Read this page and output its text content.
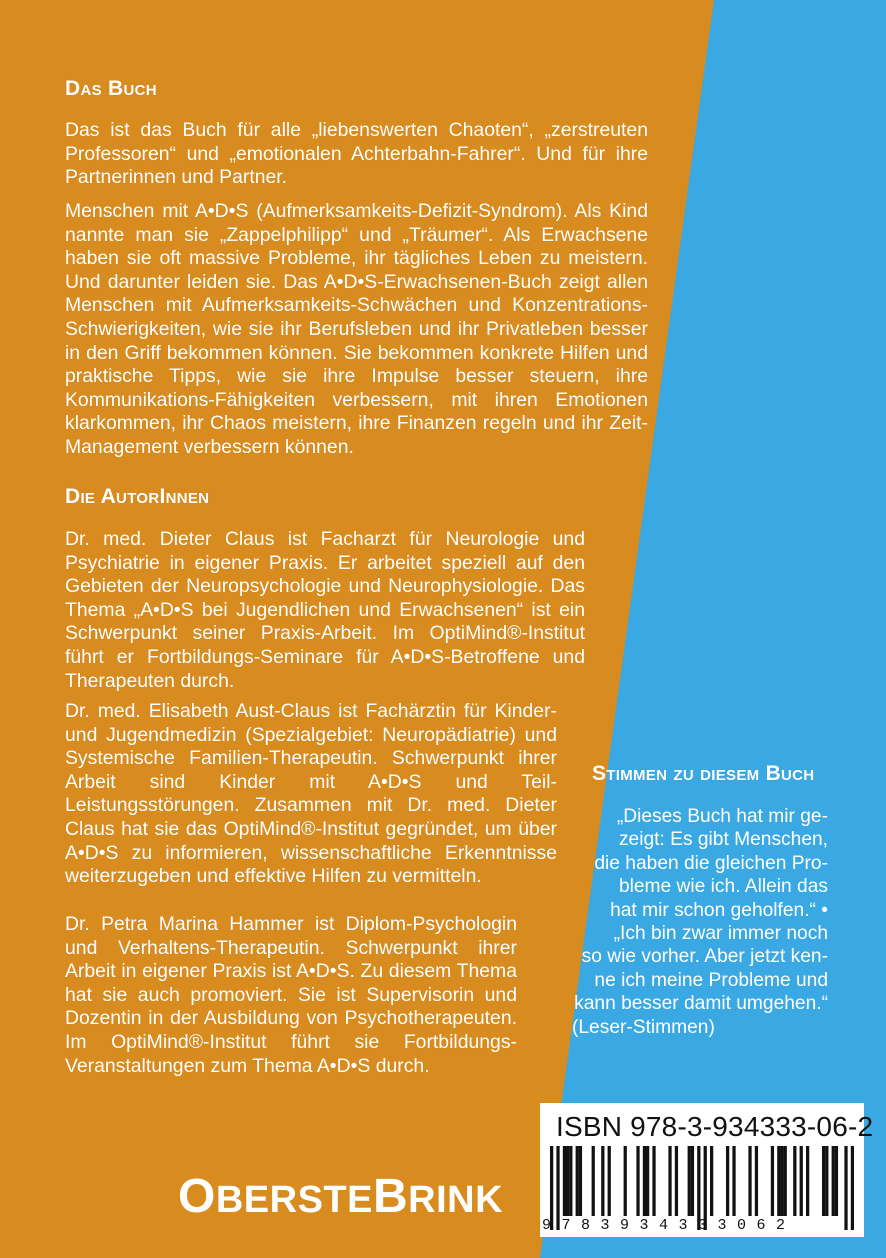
Das Buch

Das ist das Buch für alle „liebenswerten Chaoten“, „zerstreuten Professoren“ und „emotionalen Achterbahn-Fahrer“. Und für ihre Partnerinnen und Partner.

Menschen mit A•D•S (Aufmerksamkeits-Defizit-Syndrom). Als Kind nannte man sie „Zappelphilipp“ und „Träumer“. Als Erwachsene haben sie oft massive Probleme, ihr tägliches Leben zu meistern. Und darunter leiden sie. Das A•D•S-Erwachsenen-Buch zeigt allen Menschen mit Aufmerksamkeits-Schwächen und Konzentrations-Schwierigkeiten, wie sie ihr Berufsleben und ihr Privatleben besser in den Griff bekommen können. Sie bekommen konkrete Hilfen und praktische Tipps, wie sie ihre Impulse besser steuern, ihre Kommunikations-Fähigkeiten verbessern, mit ihren Emotionen klarkommen, ihr Chaos meistern, ihre Finanzen regeln und ihr Zeit-Management verbessern können.

Die AutorInnen

Dr. med. Dieter Claus ist Facharzt für Neurologie und Psychiatrie in eigener Praxis. Er arbeitet speziell auf den Gebieten der Neuropsychologie und Neurophysiologie. Das Thema „A•D•S bei Jugendlichen und Erwachsenen“ ist ein Schwerpunkt seiner Praxis-Arbeit. Im OptiMind®-Institut führt er Fortbildungs-Seminare für A•D•S-Betroffene und Therapeuten durch.

Dr. med. Elisabeth Aust-Claus ist Fachärztin für Kinder- und Jugendmedizin (Spezialgebiet: Neuropädiatrie) und Systemische Familien-Therapeutin. Schwerpunkt ihrer Arbeit sind Kinder mit A•D•S und Teil-Leistungsstörungen. Zusammen mit Dr. med. Dieter Claus hat sie das OptiMind®-Institut gegründet, um über A•D•S zu informieren, wissenschaftliche Erkenntnisse weiterzugeben und effektive Hilfen zu vermitteln.

Dr. Petra Marina Hammer ist Diplom-Psychologin und Verhaltens-Therapeutin. Schwerpunkt ihrer Arbeit in eigener Praxis ist A•D•S. Zu diesem Thema hat sie auch promoviert. Sie ist Supervisorin und Dozentin in der Ausbildung von Psychotherapeuten. Im OptiMind®-Institut führt sie Fortbildungs-Veranstaltungen zum Thema A•D•S durch.

Stimmen zu diesem Buch

„Dieses Buch hat mir ge-
zeigt: Es gibt Menschen,
die haben die gleichen Pro-
bleme wie ich. Allein das
hat mir schon geholfen.“ •
„Ich bin zwar immer noch
so wie vorher. Aber jetzt ken-
ne ich meine Probleme und
kann besser damit umgehen.“
(Leser-Stimmen)

OBERSTEBRINK
ISBN 978-3-934333-06-2
9783934333062
